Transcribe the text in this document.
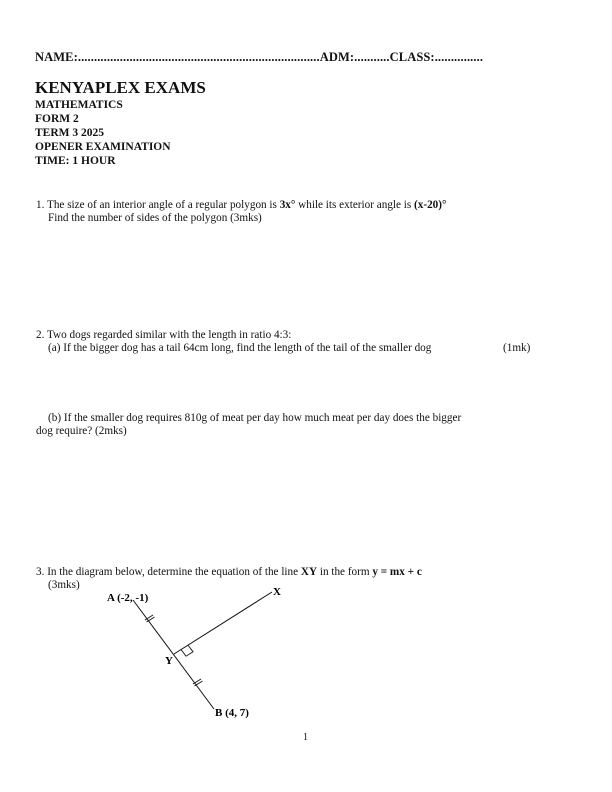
NAME:...........................................................................ADM:...........CLASS:...............
KENYAPLEX EXAMS
MATHEMATICS
FORM 2
TERM 3 2025
OPENER EXAMINATION
TIME: 1 HOUR
1. The size of an interior angle of a regular polygon is 3x° while its exterior angle is (x-20)°
Find the number of sides of the polygon (3mks)
2. Two dogs regarded similar with the length in ratio 4:3:
(a) If the bigger dog has a tail 64cm long, find the length of the tail of the smaller dog	(1mk)
(b) If the smaller dog requires 810g of meat per day how much meat per day does the bigger
dog require? (2mks)
3. In the diagram below, determine the equation of the line XY in the form y = mx + c
(3mks)
A (-2, -1)
B (4, 7)
X
Y
1
